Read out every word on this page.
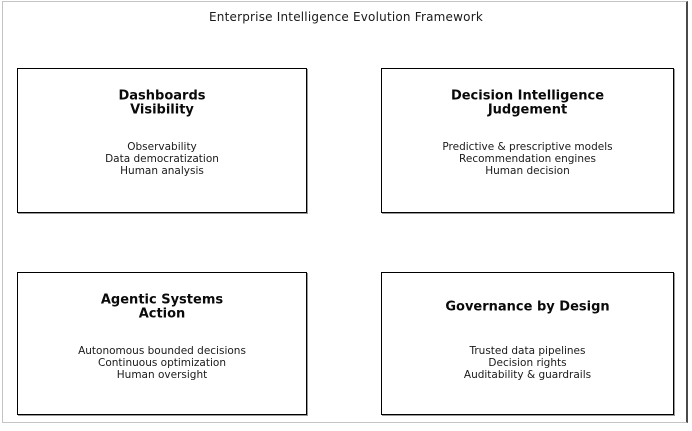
Enterprise Intelligence Evolution Framework
Dashboards
Visibility
Observability
Data democratization
Human analysis
Decision Intelligence
Judgement
Predictive & prescriptive models
Recommendation engines
Human decision
Agentic Systems
Action
Autonomous bounded decisions
Continuous optimization
Human oversight
Governance by Design
Trusted data pipelines
Decision rights
Auditability & guardrails
